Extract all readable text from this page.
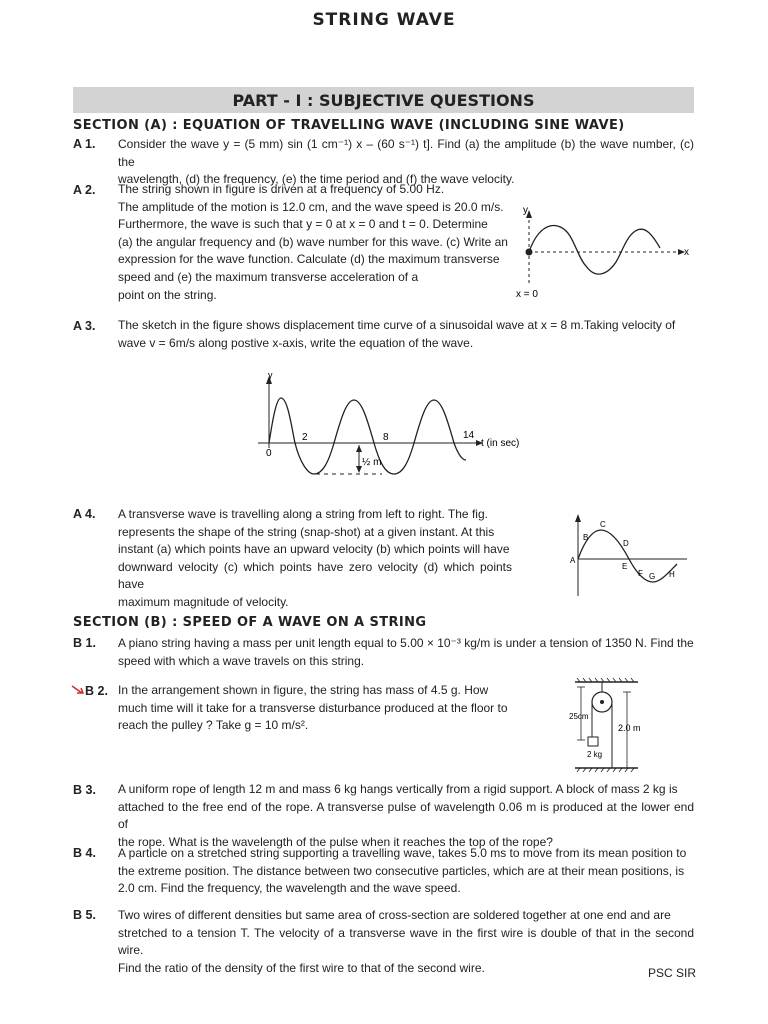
STRING WAVE
PART - I : SUBJECTIVE QUESTIONS
SECTION (A) : EQUATION OF TRAVELLING WAVE (INCLUDING SINE WAVE)
A 1. Consider the wave y = (5 mm) sin (1 cm⁻¹) x – (60 s⁻¹) t]. Find (a) the amplitude (b) the wave number, (c) the
wavelength, (d) the frequency, (e) the time period and (f) the wave velocity.
A 2. The string shown in figure is driven at a frequency of 5.00 Hz.
The amplitude of the motion is 12.0 cm, and the wave speed is 20.0 m/s.
Furthermore, the wave is such that y = 0 at x = 0 and t = 0. Determine
(a) the angular frequency and (b) wave number for this wave. (c) Write an
expression for the wave function. Calculate (d) the maximum transverse
speed and (e) the maximum transverse acceleration of a
point on the string.
y
x
x = 0
A 3. The sketch in the figure shows displacement time curve of a sinusoidal wave at x = 8 m.Taking velocity of
wave v = 6m/s along postive x-axis, write the equation of the wave.
y
0
2	8	14
t (in sec)
½ m
A 4. A transverse wave is travelling along a string from left to right. The fig.
represents the shape of the string (snap-shot) at a given instant. At this
instant (a) which points have an upward velocity (b) which points will have
downward velocity (c) which points have zero velocity (d) which points have
maximum magnitude of velocity.
A
B
C
D
E
F G H
SECTION (B) : SPEED OF A WAVE ON A STRING
B 1. A piano string having a mass per unit length equal to 5.00 × 10⁻³ kg/m is under a tension of 1350 N. Find the
speed with which a wave travels on this string.
B 2. In the arrangement shown in figure, the string has mass of 4.5 g. How
much time will it take for a transverse disturbance produced at the floor to
reach the pulley ? Take g = 10 m/s².
25cm
2.0 m
2 kg
B 3. A uniform rope of length 12 m and mass 6 kg hangs vertically from a rigid support. A block of mass 2 kg is
attached to the free end of the rope. A transverse pulse of wavelength 0.06 m is produced at the lower end of
the rope. What is the wavelength of the pulse when it reaches the top of the rope?
B 4. A particle on a stretched string supporting a travelling wave, takes 5.0 ms to move from its mean position to
the extreme position. The distance between two consecutive particles, which are at their mean positions, is
2.0 cm. Find the frequency, the wavelength and the wave speed.
B 5. Two wires of different densities but same area of cross-section are soldered together at one end and are
stretched to a tension T. The velocity of a transverse wave in the first wire is double of that in the second wire.
Find the ratio of the density of the first wire to that of the second wire.	PSC SIR
